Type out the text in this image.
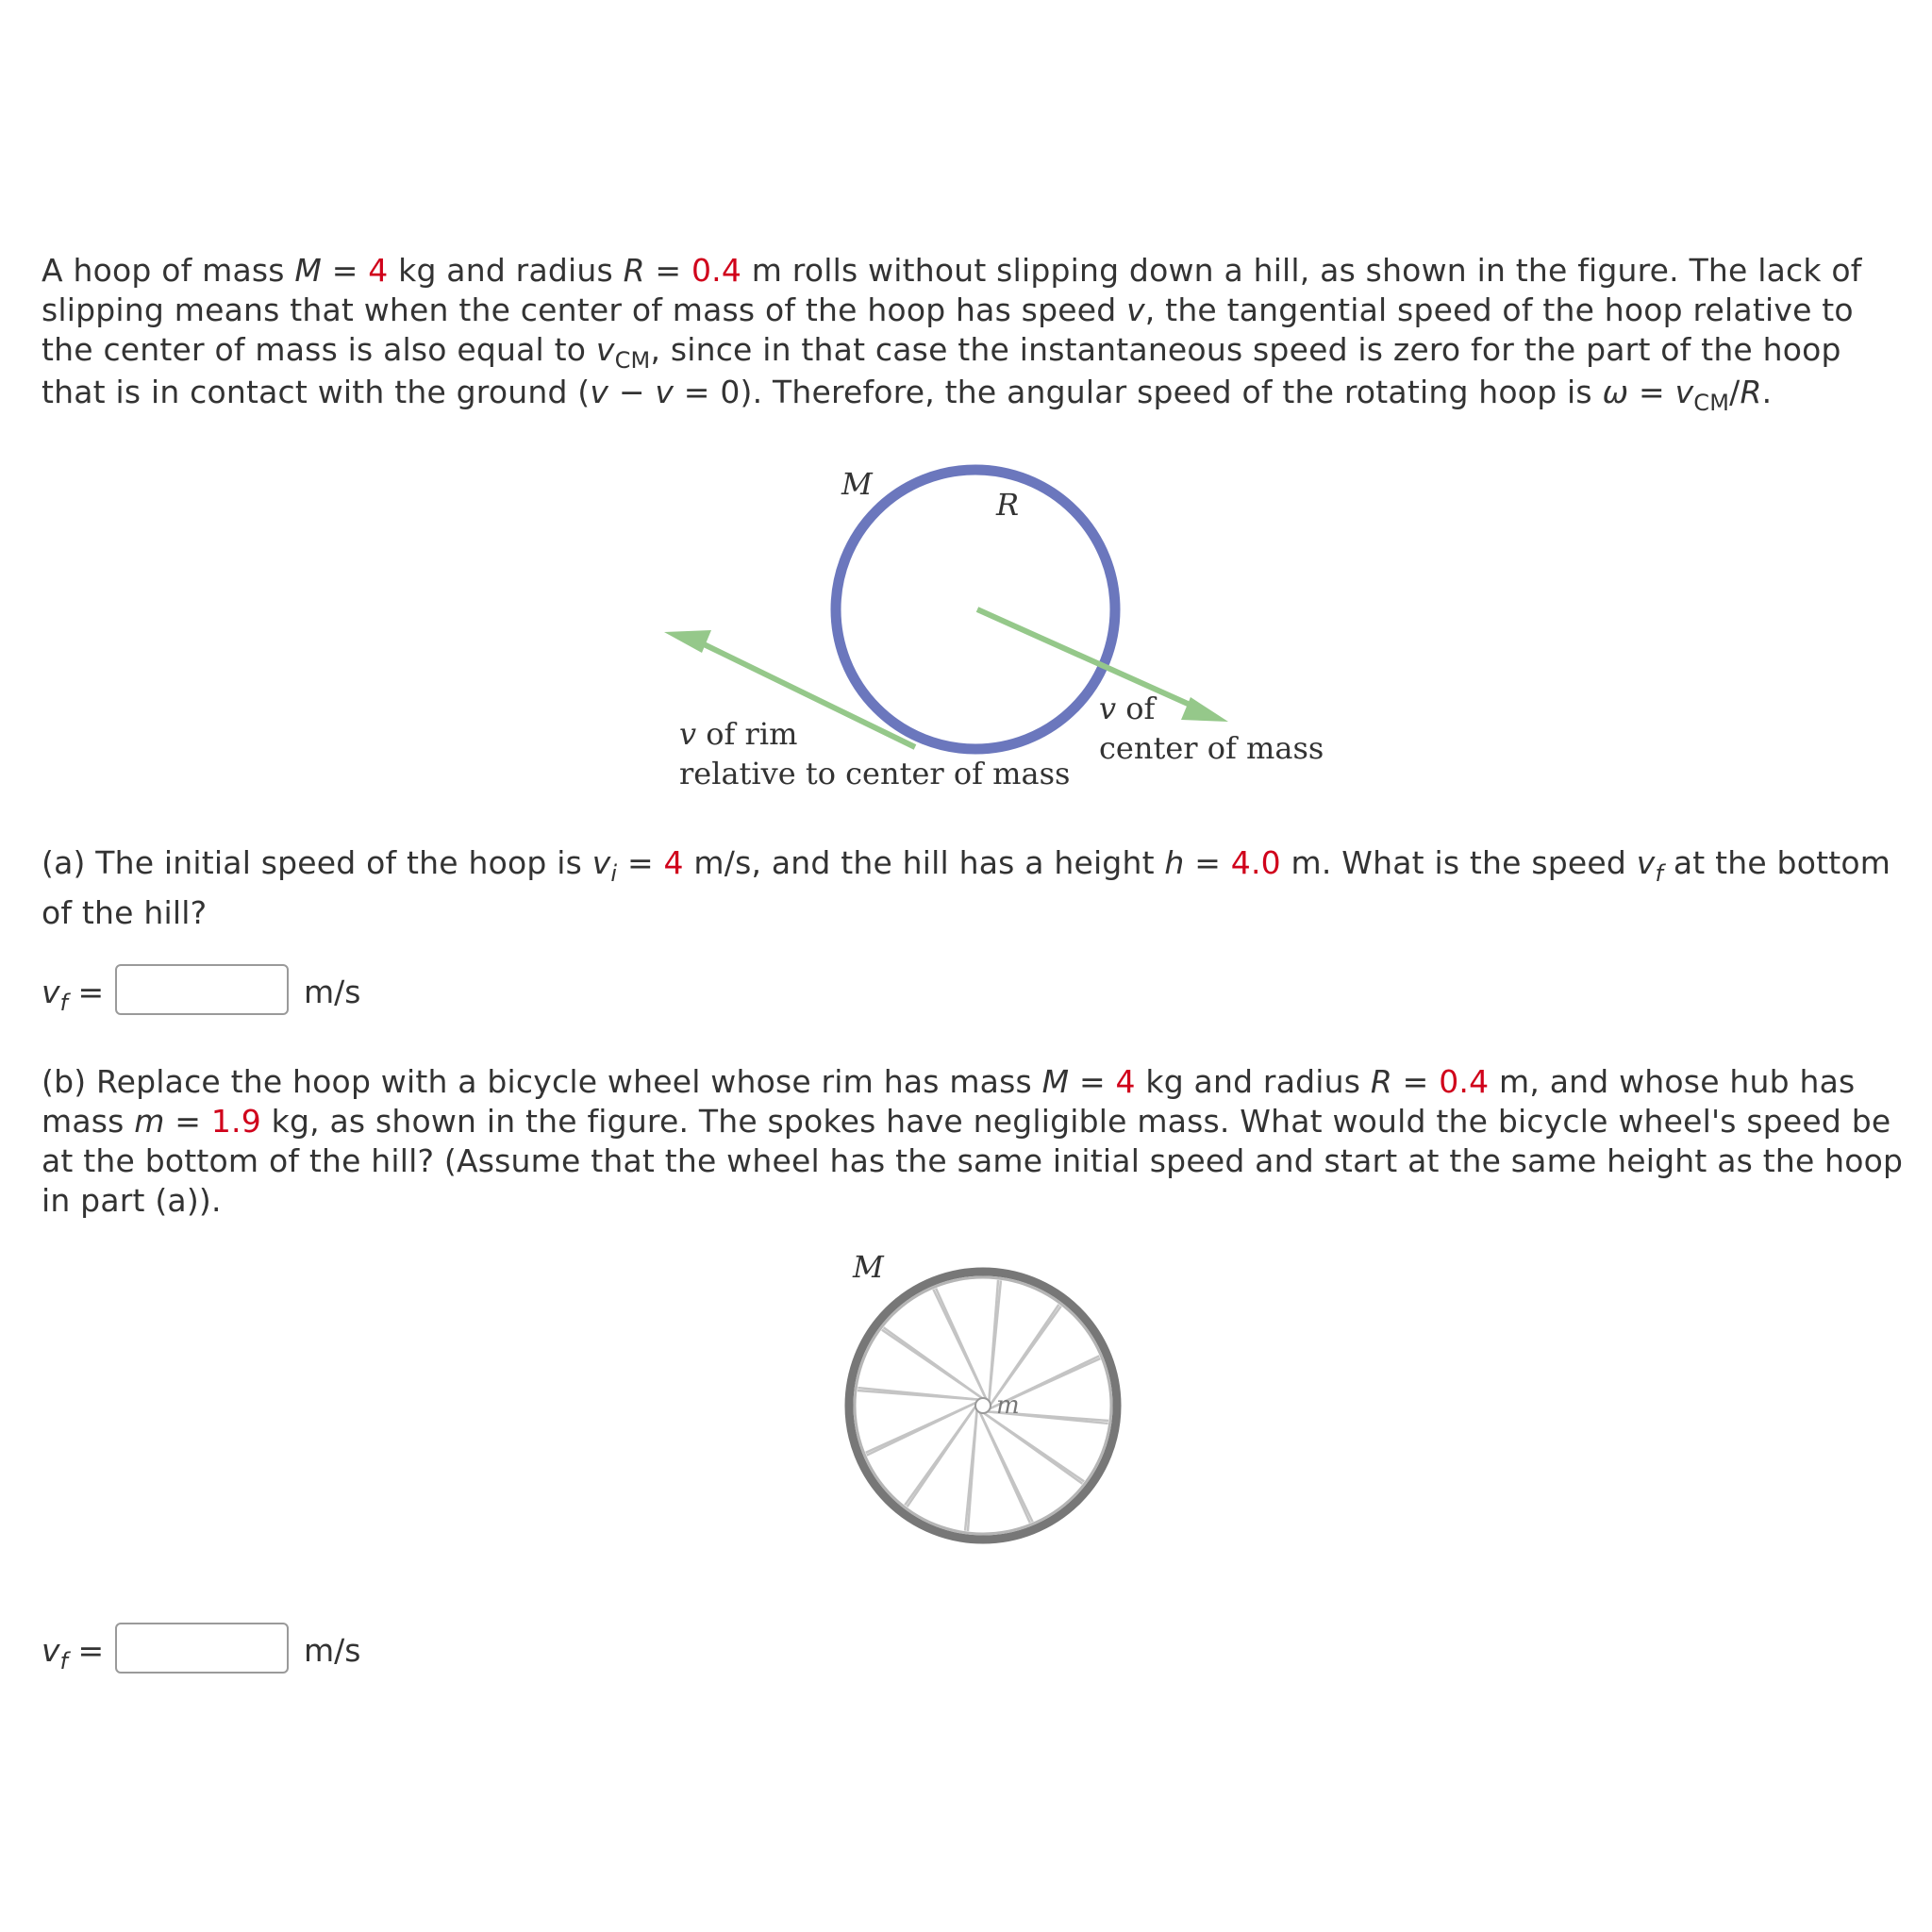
A hoop of mass M = 4 kg and radius R = 0.4 m rolls without slipping down a hill, as shown in the figure. The lack of slipping means that when the center of mass of the hoop has speed v, the tangential speed of the hoop relative to the center of mass is also equal to $v_{CM}$, since in that case the instantaneous speed is zero for the part of the hoop that is in contact with the ground (v − v = 0). Therefore, the angular speed of the rotating hoop is $\omega = v_{CM}/R$.
M
R
v of rim
relative to center of mass
v of
center of mass
(a) The initial speed of the hoop is $v_i = 4$ m/s, and the hill has a height h = 4.0 m. What is the speed $v_f$ at the bottom of the hill?
$v_f$ =	m/s
(b) Replace the hoop with a bicycle wheel whose rim has mass M = 4 kg and radius R = 0.4 m, and whose hub has mass m = 1.9 kg, as shown in the figure. The spokes have negligible mass. What would the bicycle wheel's speed be at the bottom of the hill? (Assume that the wheel has the same initial speed and start at the same height as the hoop in part (a)).
M
m
$v_f$ =	m/s
